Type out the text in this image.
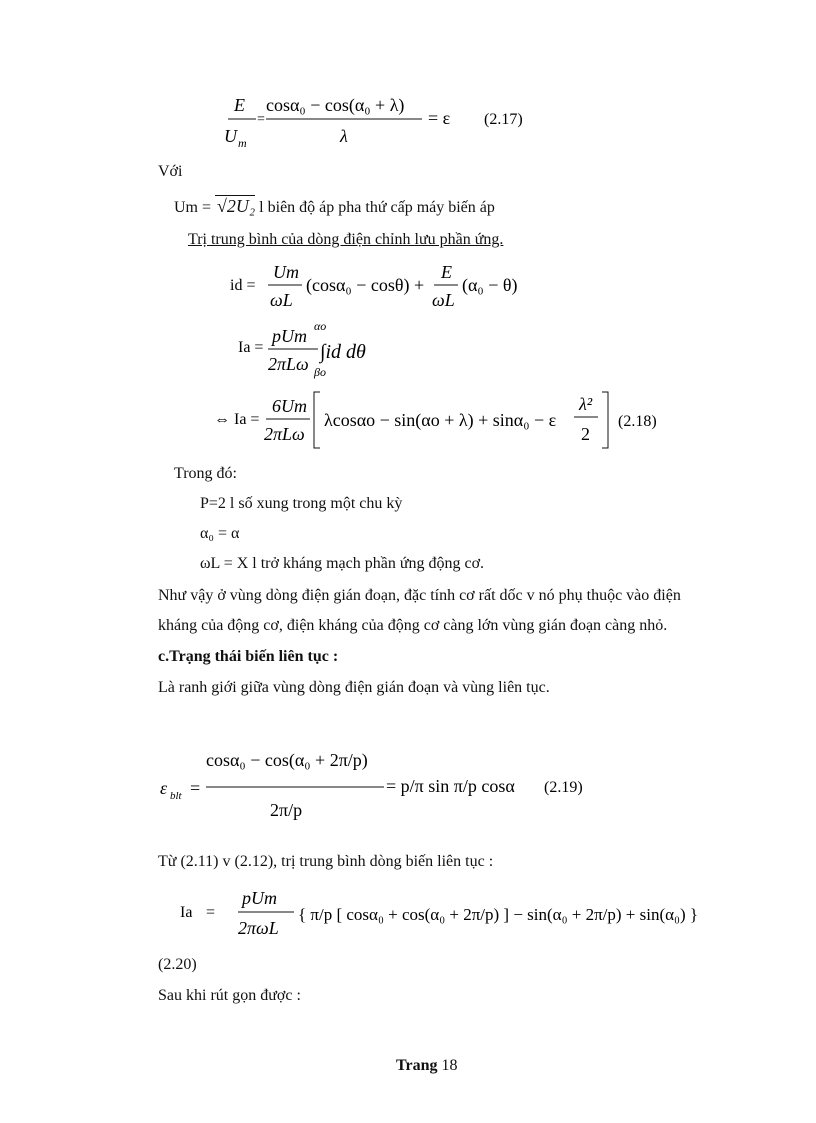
E
U m
=
cosα₀ − cos(α₀ + λ)
λ
= ε (2.17)
Với
Um = √2U₂ l biên độ áp pha thứ cấp máy biến áp
Trị trung bình của dòng điện chỉnh lưu phần ứng.
id =
Um
ωL
(cosα₀ − cosθ) +
E
ωL
(α₀ − θ)
Ia =
pUm
2πLω
αo
βo
∫id dθ
⇔ Ia =
6Um
2πLω
λcosαo − sin(αo + λ) + sinα₀ − ε
λ²
2
(2.18)
Trong đó:
P=2 l số xung trong một chu kỳ
α₀ = α
ωL = X l trở kháng mạch phần ứng động cơ.
Như vậy ở vùng dòng điện gián đoạn, đặc tính cơ rất dốc v nó phụ thuộc vào điện
kháng của động cơ, điện kháng của động cơ càng lớn vùng gián đoạn càng nhỏ.
c.Trạng thái biến liên tục :
Là ranh giới giữa vùng dòng điện gián đoạn và vùng liên tục.
ε blt =
cosα₀ − cos(α₀ + 2π/p)
2π/p
= p/π sin π/p cosα (2.19)
Từ (2.11) v (2.12), trị trung bình dòng biến liên tục :
Ia =
pUm
2πωL
{ π/p [ cosα₀ + cos(α₀ + 2π/p) ] − sin(α₀ + 2π/p) + sin(α₀) }
(2.20)
Sau khi rút gọn được :
Trang 18
